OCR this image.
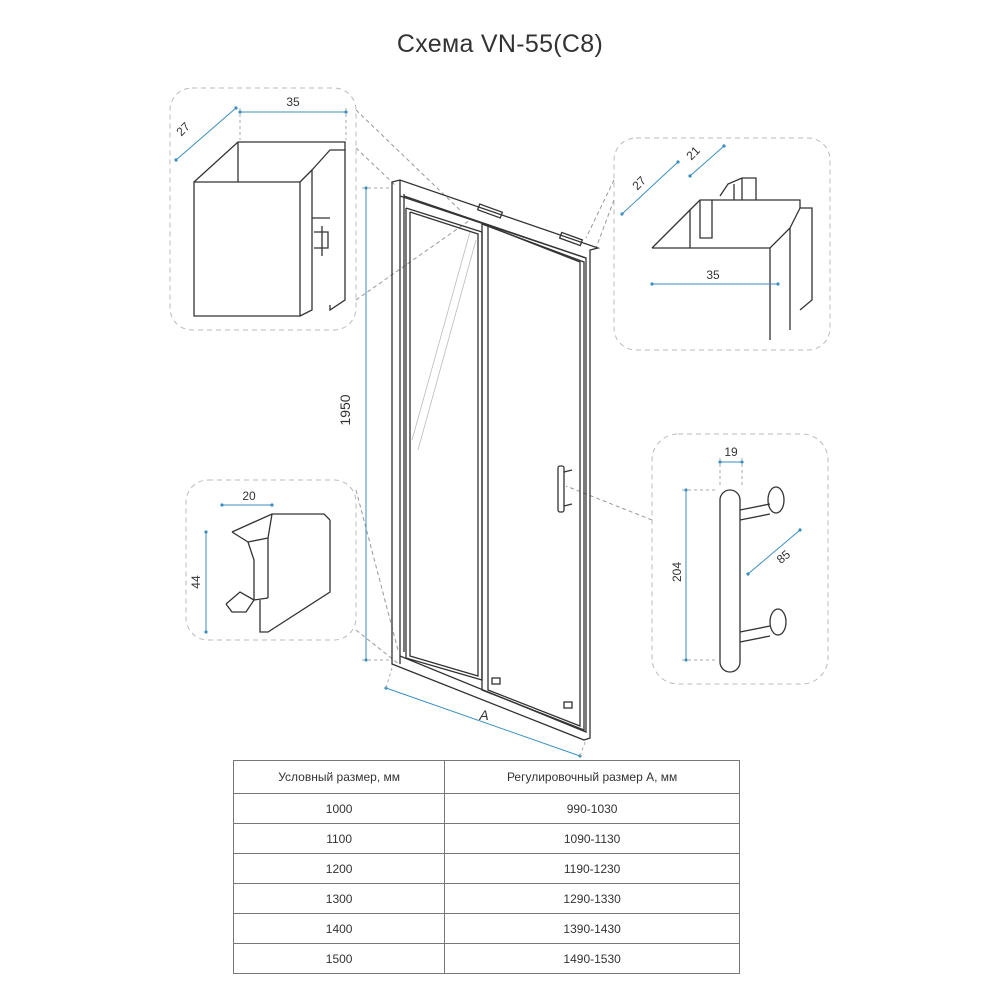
Схема VN-55(С8)
35
27
35
27
21
20
44
19
204
85
1950
A
Условный размер, мм	Регулировочный размер А, мм
1000	990-1030
1100	1090-1130
1200	1190-1230
1300	1290-1330
1400	1390-1430
1500	1490-1530
